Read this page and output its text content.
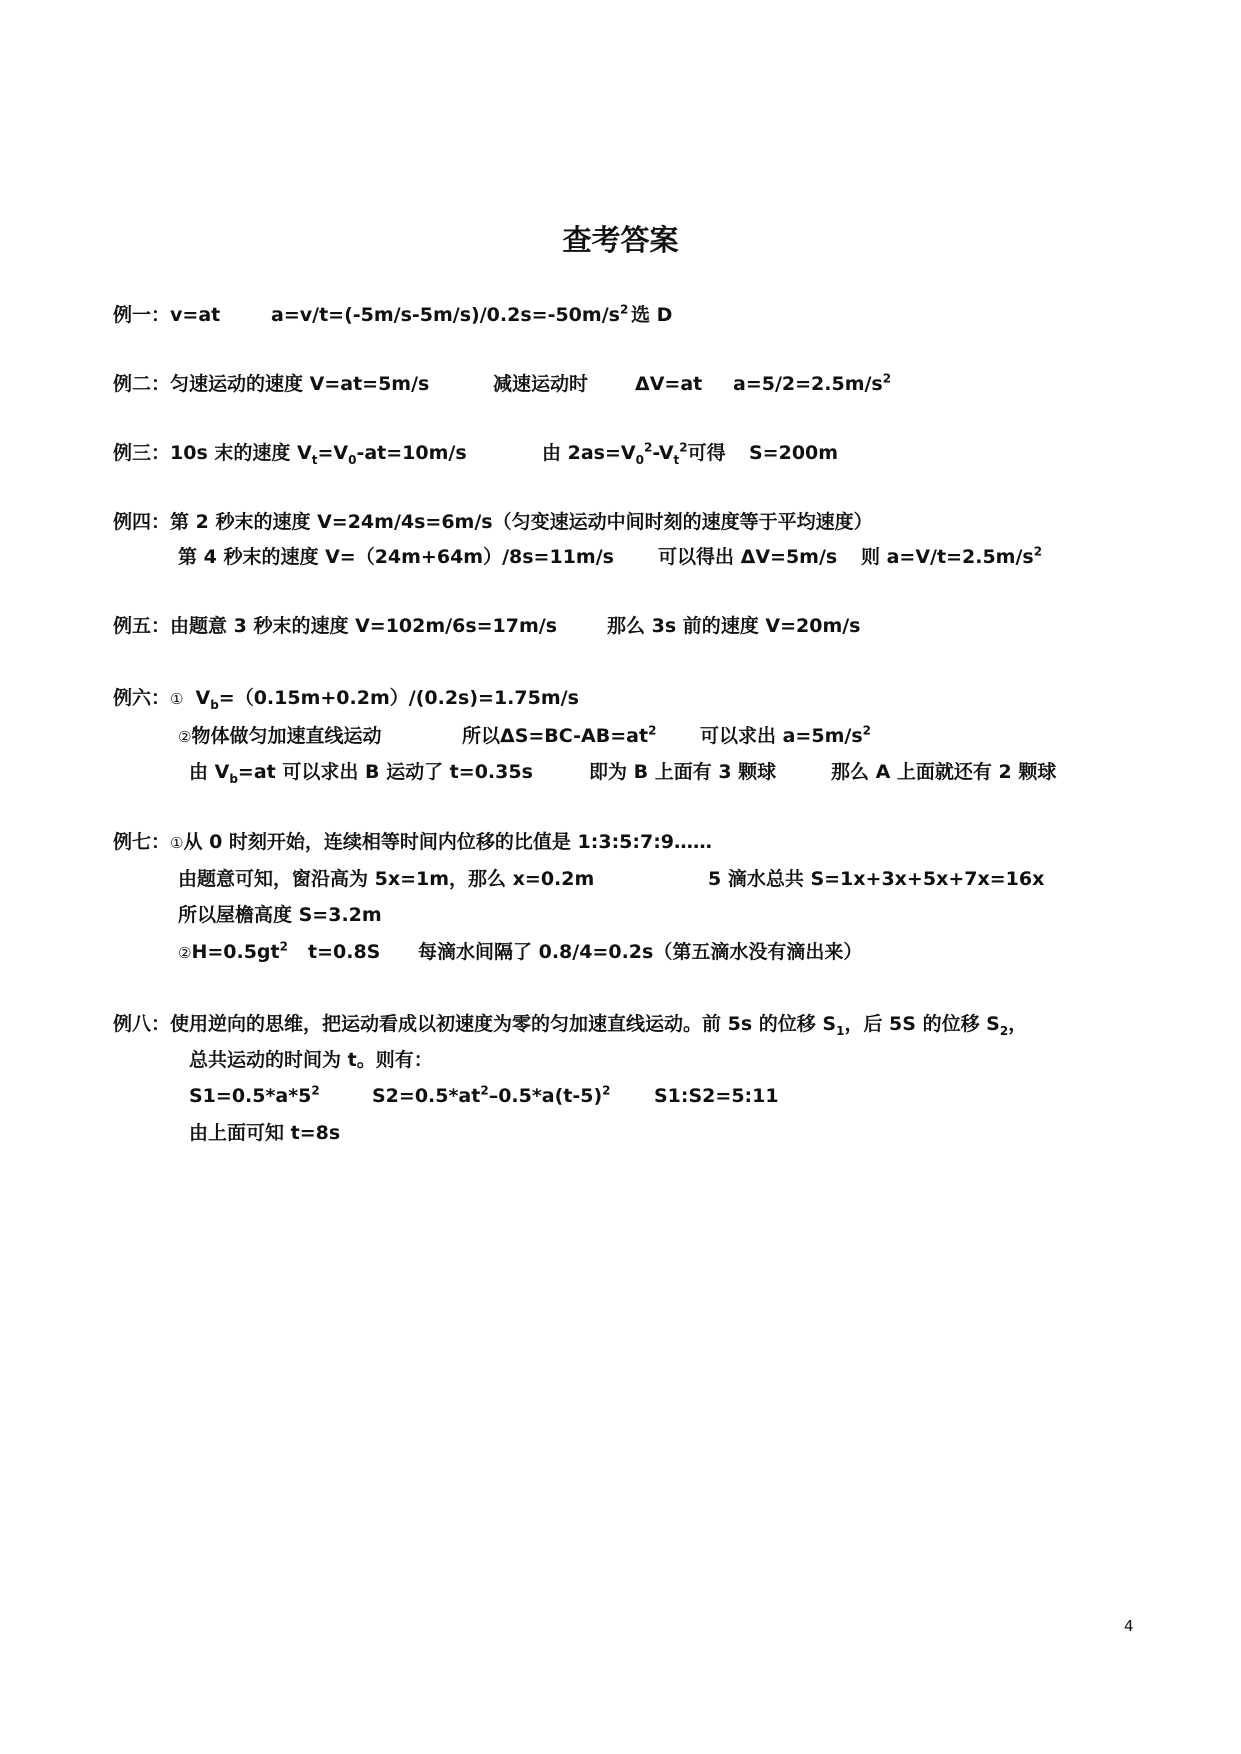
查考答案
例一：v=at	$a=v/t=(-5m/s-5m/s)/0.2s=-50m/s^2$ 选 D
例二：匀速运动的速度 V=at=5m/s	减速运动时 ΔV=at $a=5/2=2.5m/s^2$
例三：10s 末的速度 $V_t=V_0-at=10m/s$	由 $2as=V_0^2-V_t^2$可得 S=200m
例四：第 2 秒末的速度 V=24m/4s=6m/s（匀变速运动中间时刻的速度等于平均速度）
第 4 秒末的速度 V=（24m+64m）/8s=11m/s 可以得出 ΔV=5m/s 则 $a=V/t=2.5m/s^2$
例五：由题意 3 秒末的速度 V=102m/6s=17m/s	那么 3s 前的速度 V=20m/s
例六：① $V_b=(0.15m+0.2m)/(0.2s)=1.75m/s$
②物体做匀加速直线运动	所以$\Delta S=BC-AB=at^2$ 可以求出 $a=5m/s^2$
由 $V_b=at$ 可以求出 B 运动了 t=0.35s	即为 B 上面有 3 颗球	那么 A 上面就还有 2 颗球
例七：①从 0 时刻开始，连续相等时间内位移的比值是 1:3:5:7:9……
由题意可知，窗沿高为 5x=1m，那么 x=0.2m	5 滴水总共 S=1x+3x+5x+7x=16x
所以屋檐高度 S=3.2m
$②H=0.5gt^2$ t=0.8S 每滴水间隔了 0.8/4=0.2s（第五滴水没有滴出来）
例八：使用逆向的思维，把运动看成以初速度为零的匀加速直线运动。前 5s 的位移 $S_1$，后 5S 的位移 $S_2$，
总共运动的时间为 t。则有：
$S1=0.5*a*5^2$	$S2=0.5*at^2-0.5*a(t-5)^2$ S1:S2=5:11
由上面可知 t=8s
4
